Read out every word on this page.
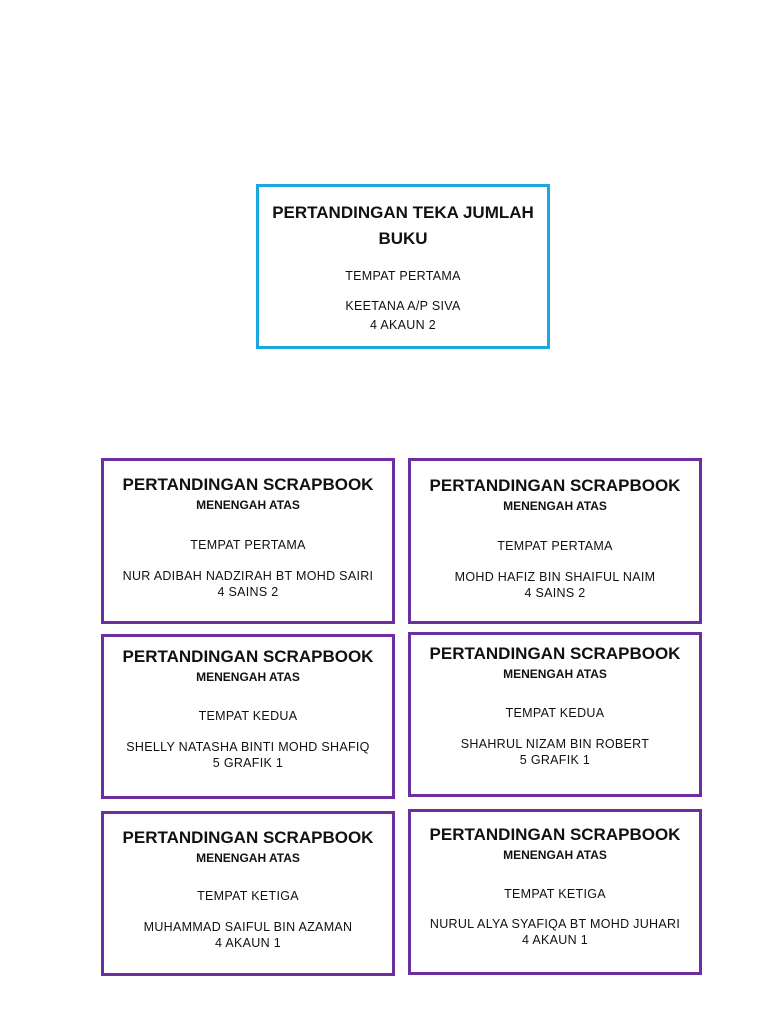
PERTANDINGAN TEKA JUMLAH
BUKU
TEMPAT PERTAMA
KEETANA A/P SIVA
4 AKAUN 2
PERTANDINGAN SCRAPBOOK
MENENGAH ATAS
TEMPAT PERTAMA
NUR ADIBAH NADZIRAH BT MOHD SAIRI
4 SAINS 2
PERTANDINGAN SCRAPBOOK
MENENGAH ATAS
TEMPAT PERTAMA
MOHD HAFIZ BIN SHAIFUL NAIM
4 SAINS 2
PERTANDINGAN SCRAPBOOK
MENENGAH ATAS
TEMPAT KEDUA
SHELLY NATASHA BINTI MOHD SHAFIQ
5 GRAFIK 1
PERTANDINGAN SCRAPBOOK
MENENGAH ATAS
TEMPAT KEDUA
SHAHRUL NIZAM BIN ROBERT
5 GRAFIK 1
PERTANDINGAN SCRAPBOOK
MENENGAH ATAS
TEMPAT KETIGA
MUHAMMAD SAIFUL BIN AZAMAN
4 AKAUN 1
PERTANDINGAN SCRAPBOOK
MENENGAH ATAS
TEMPAT KETIGA
NURUL ALYA SYAFIQA BT MOHD JUHARI
4 AKAUN 1
